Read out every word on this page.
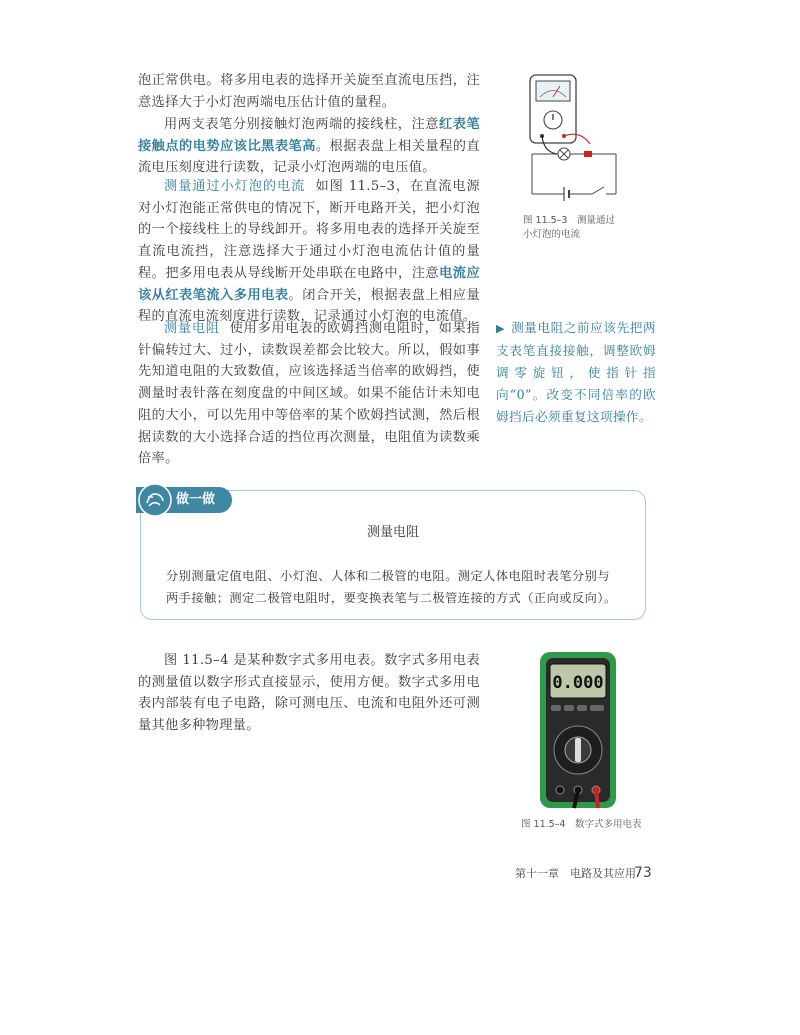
泡正常供电。将多用电表的选择开关旋至直流电压挡，注意选择大于小灯泡两端电压估计值的量程。

用两支表笔分别接触灯泡两端的接线柱，注意红表笔接触点的电势应该比黑表笔高。根据表盘上相关量程的直流电压刻度进行读数，记录小灯泡两端的电压值。

测量通过小灯泡的电流 如图 11.5–3，在直流电源对小灯泡能正常供电的情况下，断开电路开关，把小灯泡的一个接线柱上的导线卸开。将多用电表的选择开关旋至直流电流挡，注意选择大于通过小灯泡电流估计值的量程。把多用电表从导线断开处串联在电路中，注意电流应该从红表笔流入多用电表。闭合开关，根据表盘上相应量程的直流电流刻度进行读数，记录通过小灯泡的电流值。

测量电阻 使用多用电表的欧姆挡测电阻时，如果指针偏转过大、过小，读数误差都会比较大。所以，假如事先知道电阻的大致数值，应该选择适当倍率的欧姆挡，使测量时表针落在刻度盘的中间区域。如果不能估计未知电阻的大小，可以先用中等倍率的某个欧姆挡试测，然后根据读数的大小选择合适的挡位再次测量，电阻值为读数乘倍率。

图 11.5–3　测量通过
小灯泡的电流
▶ 测量电阻之前应该先把两支表笔直接接触，调整欧姆调零旋钮，使指针指向“0”。改变不同倍率的欧姆挡后必须重复这项操作。
做一做
测量电阻

分别测量定值电阻、小灯泡、人体和二极管的电阻。测定人体电阻时表笔分别与两手接触；测定二极管电阻时，要变换表笔与二极管连接的方式（正向或反向）。

图 11.5–4 是某种数字式多用电表。数字式多用电表的测量值以数字形式直接显示，使用方便。数字式多用电表内部装有电子电路，除可测电压、电流和电阻外还可测量其他多种物理量。

0.000
图 11.5–4　数字式多用电表
第十一章　电路及其应用
73
